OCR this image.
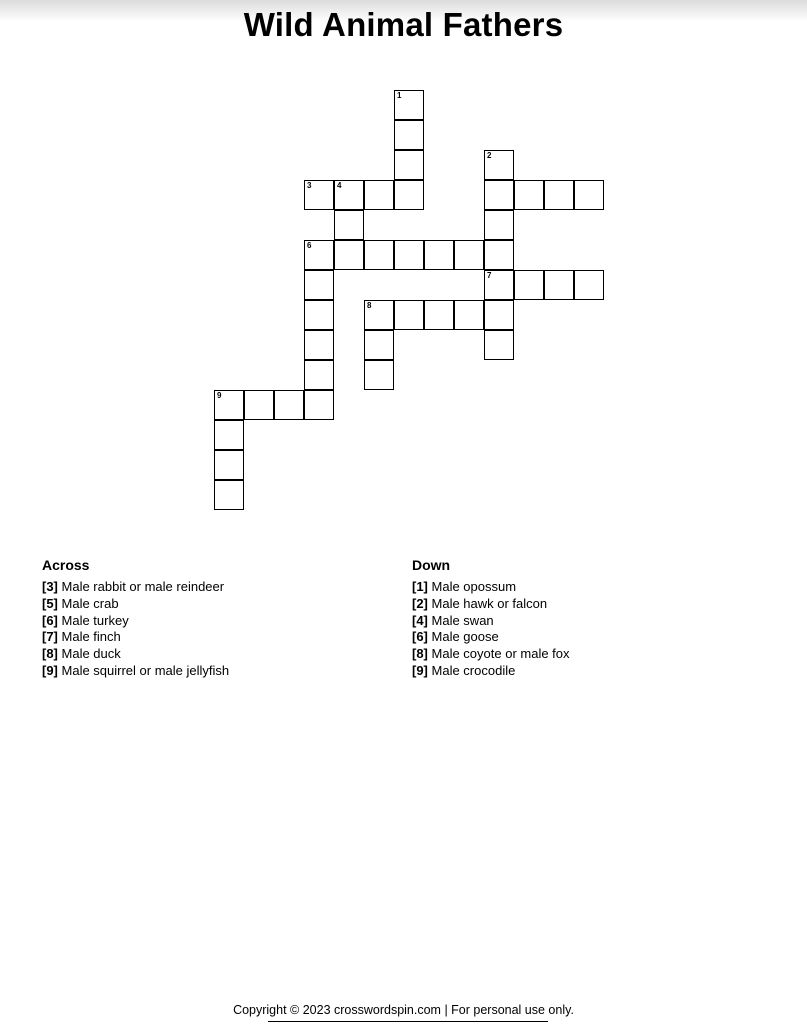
Wild Animal Fathers
1
3	4
2
6
7
8
9
Across
[3] Male rabbit or male reindeer
[5] Male crab
[6] Male turkey
[7] Male finch
[8] Male duck
[9] Male squirrel or male jellyfish
Down
[1] Male opossum
[2] Male hawk or falcon
[4] Male swan
[6] Male goose
[8] Male coyote or male fox
[9] Male crocodile
Copyright © 2023 crosswordspin.com | For personal use only.
